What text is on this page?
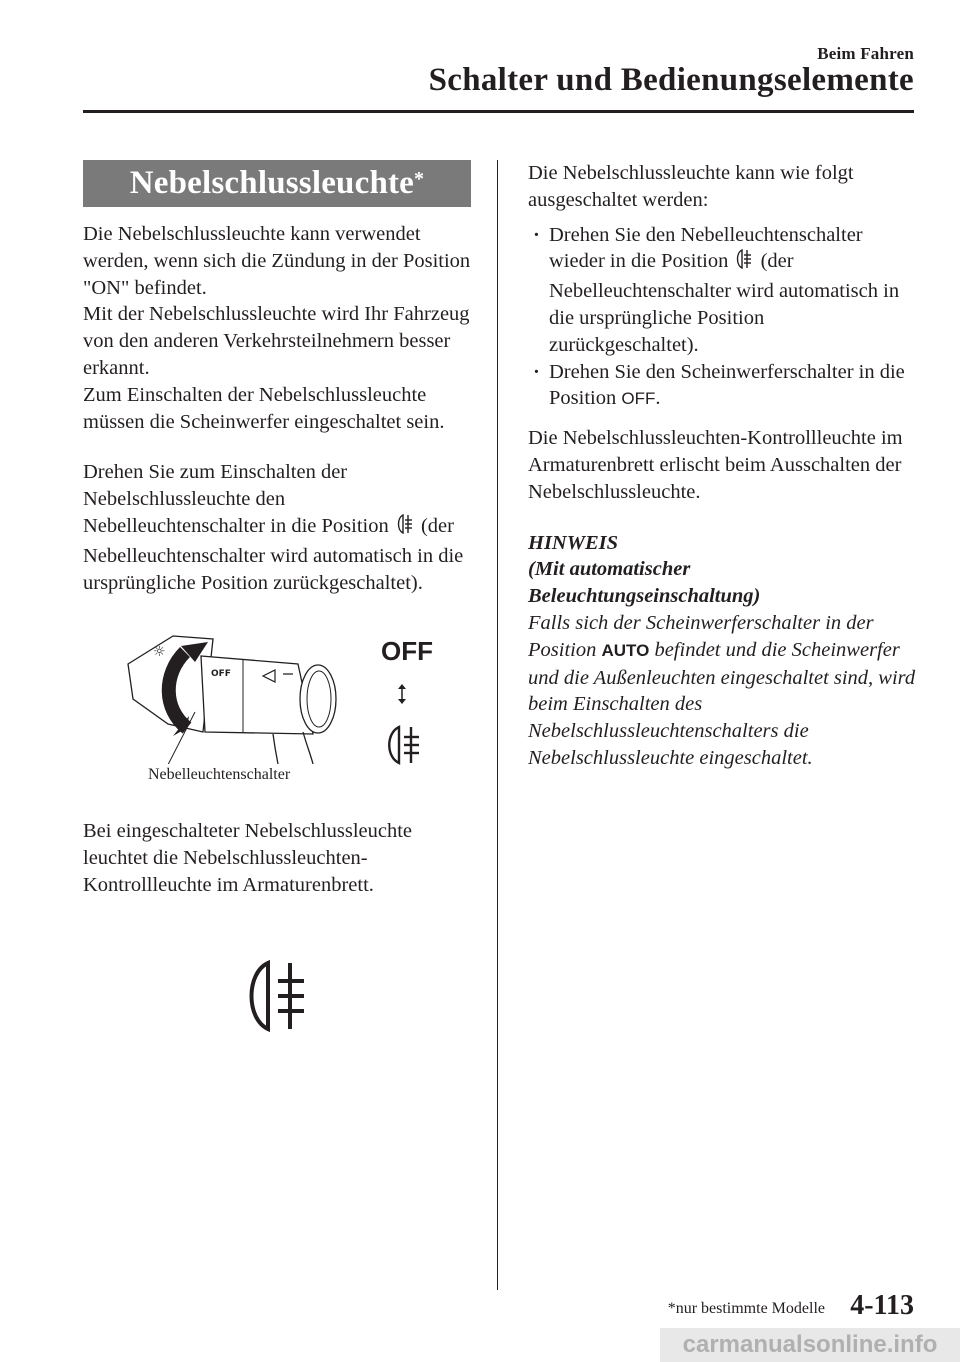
Beim Fahren
Schalter und Bedienungselemente
Nebelschlussleuchte*

Die Nebelschlussleuchte kann verwendet werden, wenn sich die Zündung in der Position "ON" befindet.

Mit der Nebelschlussleuchte wird Ihr Fahrzeug von den anderen Verkehrsteilnehmern besser erkannt.

Zum Einschalten der Nebelschlussleuchte müssen die Scheinwerfer eingeschaltet sein.

Drehen Sie zum Einschalten der Nebelschlussleuchte den Nebelleuchtenschalter in die Position (der Nebelleuchtenschalter wird automatisch in die ursprüngliche Position zurückgeschaltet).

☼
OFF
OFF
Nebelleuchtenschalter

Bei eingeschalteter Nebelschlussleuchte leuchtet die Nebelschlussleuchten-Kontrollleuchte im Armaturenbrett.

Die Nebelschlussleuchte kann wie folgt ausgeschaltet werden:

· Drehen Sie den Nebelleuchtenschalter wieder in die Position (der Nebelleuchtenschalter wird automatisch in die ursprüngliche Position zurückgeschaltet).
· Drehen Sie den Scheinwerferschalter in die Position OFF.

Die Nebelschlussleuchten-Kontrollleuchte im Armaturenbrett erlischt beim Ausschalten der Nebelschlussleuchte.

HINWEIS
(Mit automatischer Beleuchtungseinschaltung)
Falls sich der Scheinwerferschalter in der Position AUTO befindet und die Scheinwerfer und die Außenleuchten eingeschaltet sind, wird beim Einschalten des Nebelschlussleuchtenschalters die Nebelschlussleuchte eingeschaltet.
*nur bestimmte Modelle 4-113
carmanualsonline.info
